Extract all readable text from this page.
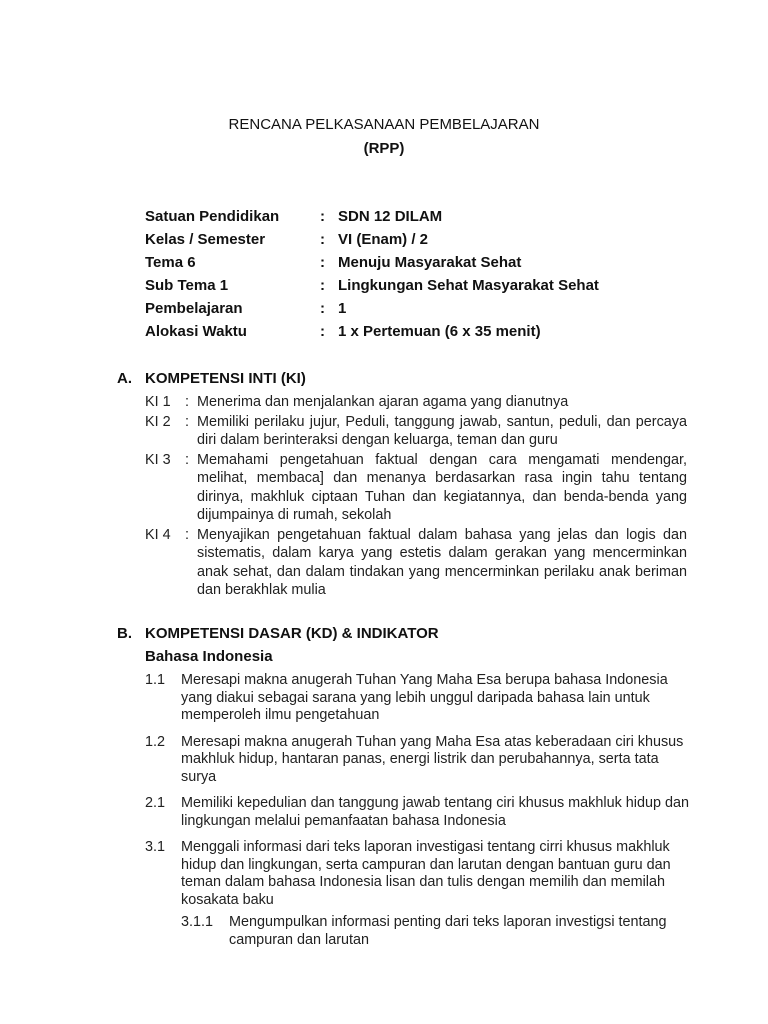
RENCANA PELKASANAAN PEMBELAJARAN
(RPP)
Satuan Pendidikan	: SDN 12 DILAM
Kelas / Semester	: VI (Enam) / 2
Tema 6	: Menuju Masyarakat Sehat
Sub Tema 1	: Lingkungan Sehat Masyarakat Sehat
Pembelajaran	: 1
Alokasi Waktu	: 1 x Pertemuan (6 x 35 menit)
A. KOMPETENSI INTI (KI)
KI 1 : Menerima dan menjalankan ajaran agama yang dianutnya
KI 2 : Memiliki perilaku jujur, Peduli, tanggung jawab, santun, peduli, dan percaya diri dalam berinteraksi dengan keluarga, teman dan guru
KI 3 : Memahami pengetahuan faktual dengan cara mengamati mendengar, melihat, membaca] dan menanya berdasarkan rasa ingin tahu tentang dirinya, makhluk ciptaan Tuhan dan kegiatannya, dan benda-benda yang dijumpainya di rumah, sekolah
KI 4 : Menyajikan pengetahuan faktual dalam bahasa yang jelas dan logis dan sistematis, dalam karya yang estetis dalam gerakan yang mencerminkan anak sehat, dan dalam tindakan yang mencerminkan perilaku anak beriman dan berakhlak mulia
B. KOMPETENSI DASAR (KD) & INDIKATOR
Bahasa Indonesia
1.1	Meresapi makna anugerah Tuhan Yang Maha Esa berupa bahasa Indonesia yang diakui sebagai sarana yang lebih unggul daripada bahasa lain untuk memperoleh ilmu pengetahuan
1.2	Meresapi makna anugerah Tuhan yang Maha Esa atas keberadaan ciri khusus makhluk hidup, hantaran panas, energi listrik dan perubahannya, serta tata surya
2.1	Memiliki kepedulian dan tanggung jawab tentang ciri khusus makhluk hidup dan lingkungan melalui pemanfaatan bahasa Indonesia
3.1	Menggali informasi dari teks laporan investigasi tentang cirri khusus makhluk hidup dan lingkungan, serta campuran dan larutan dengan bantuan guru dan teman dalam bahasa Indonesia lisan dan tulis dengan memilih dan memilah kosakata baku
3.1.1	Mengumpulkan informasi penting dari teks laporan investigsi tentang campuran dan larutan
